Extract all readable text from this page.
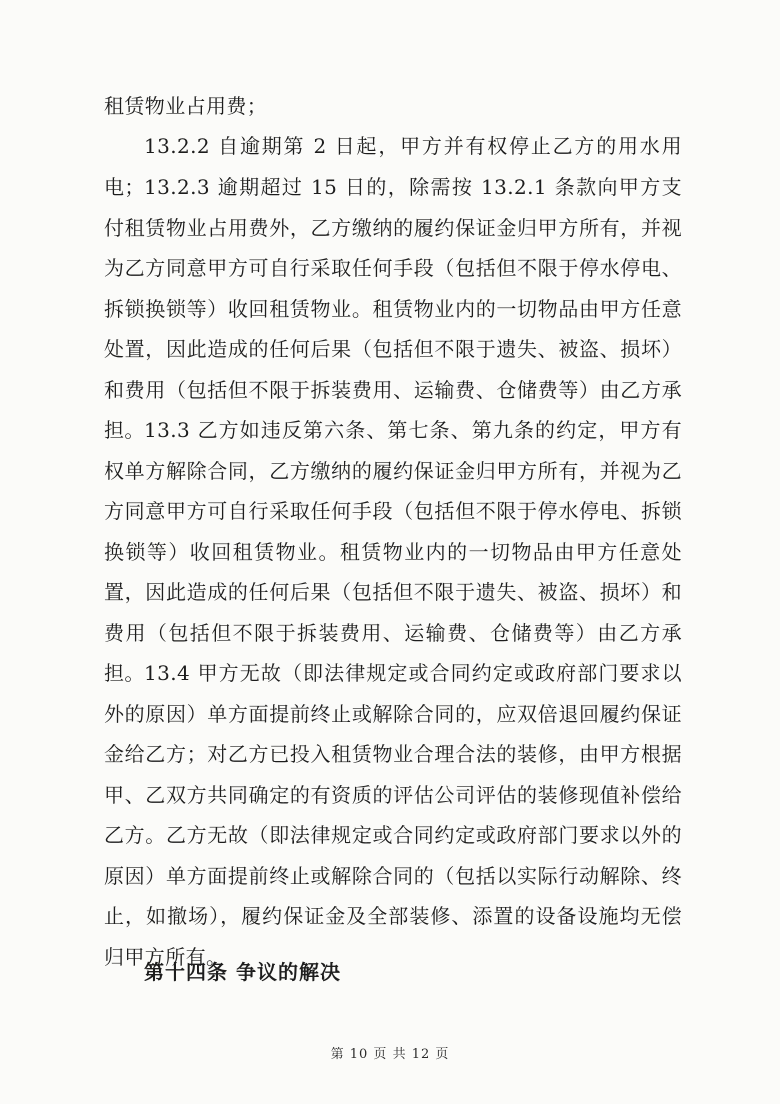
租赁物业占用费；

13.2.2 自逾期第 2 日起，甲方并有权停止乙方的用水用电； 13.2.3 逾期超过 15 日的，除需按 13.2.1 条款向甲方支付租赁物业占用费外，乙方缴纳的履约保证金归甲方所有，并视为乙方同意甲方可自行采取任何手段（包括但不限于停水停电、拆锁换锁等）收回租赁物业。租赁物业内的一切物品由甲方任意处置，因此造成的任何后果（包括但不限于遗失、被盗、损坏）和费用（包括但不限于拆装费用、运输费、仓储费等）由乙方承担。 13.3 乙方如违反第六条、第七条、第九条的约定，甲方有权单方解除合同，乙方缴纳的履约保证金归甲方所有，并视为乙方同意甲方可自行采取任何手段（包括但不限于停水停电、拆锁换锁等）收回租赁物业。租赁物业内的一切物品由甲方任意处置，因此造成的任何后果（包括但不限于遗失、被盗、损坏）和费用（包括但不限于拆装费用、运输费、仓储费等）由乙方承担。 13.4 甲方无故（即法律规定或合同约定或政府部门要求以外的原因）单方面提前终止或解除合同的，应双倍退回履约保证金给乙方；对乙方已投入租赁物业合理合法的装修，由甲方根据甲、乙双方共同确定的有资质的评估公司评估的装修现值补偿给乙方。乙方无故（即法律规定或合同约定或政府部门要求以外的原因）单方面提前终止或解除合同的（包括以实际行动解除、终止，如撤场），履约保证金及全部装修、添置的设备设施均无偿归甲方所有。

第十四条 争议的解决

第 10 页 共 12 页
